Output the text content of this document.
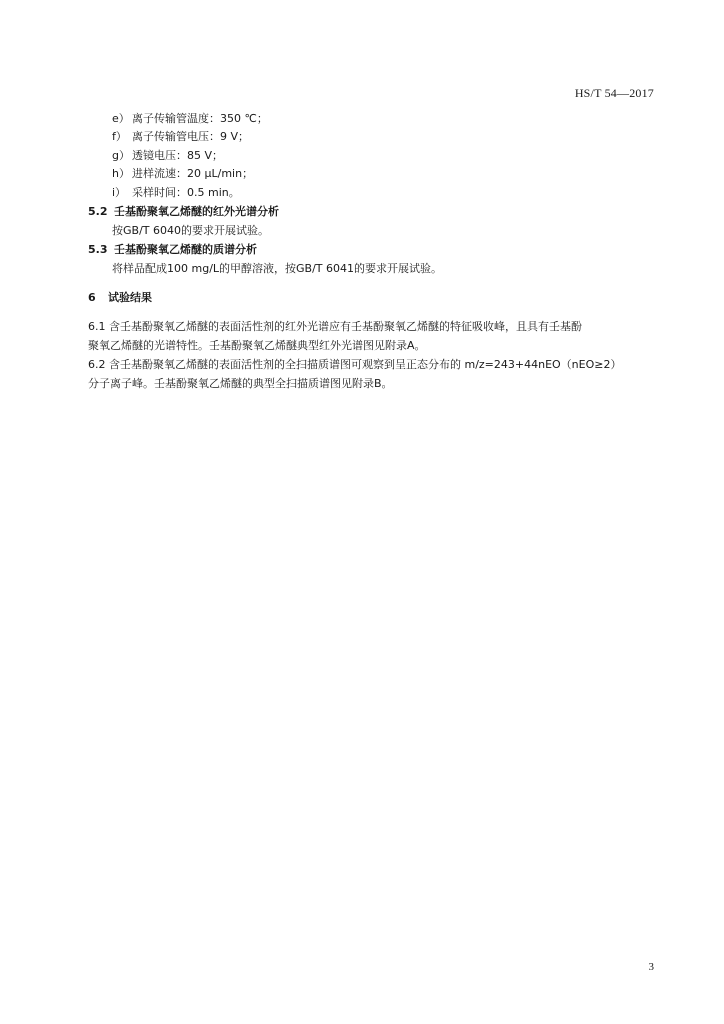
HS/T 54—2017
e） 离子传输管温度：350 ℃；
f） 离子传输管电压：9 V；
g） 透镜电压：85 V；
h） 进样流速：20 μL/min；
i） 采样时间：0.5 min。
5.2 壬基酚聚氧乙烯醚的红外光谱分析
按GB/T 6040的要求开展试验。
5.3 壬基酚聚氧乙烯醚的质谱分析
将样品配成100 mg/L的甲醇溶液，按GB/T 6041的要求开展试验。
6 试验结果
6.1 含壬基酚聚氧乙烯醚的表面活性剂的红外光谱应有壬基酚聚氧乙烯醚的特征吸收峰，且具有壬基酚
聚氧乙烯醚的光谱特性。壬基酚聚氧乙烯醚典型红外光谱图见附录A。
6.2 含壬基酚聚氧乙烯醚的表面活性剂的全扫描质谱图可观察到呈正态分布的 m/z=243+44nEO（nEO≥2）
分子离子峰。壬基酚聚氧乙烯醚的典型全扫描质谱图见附录B。
3
